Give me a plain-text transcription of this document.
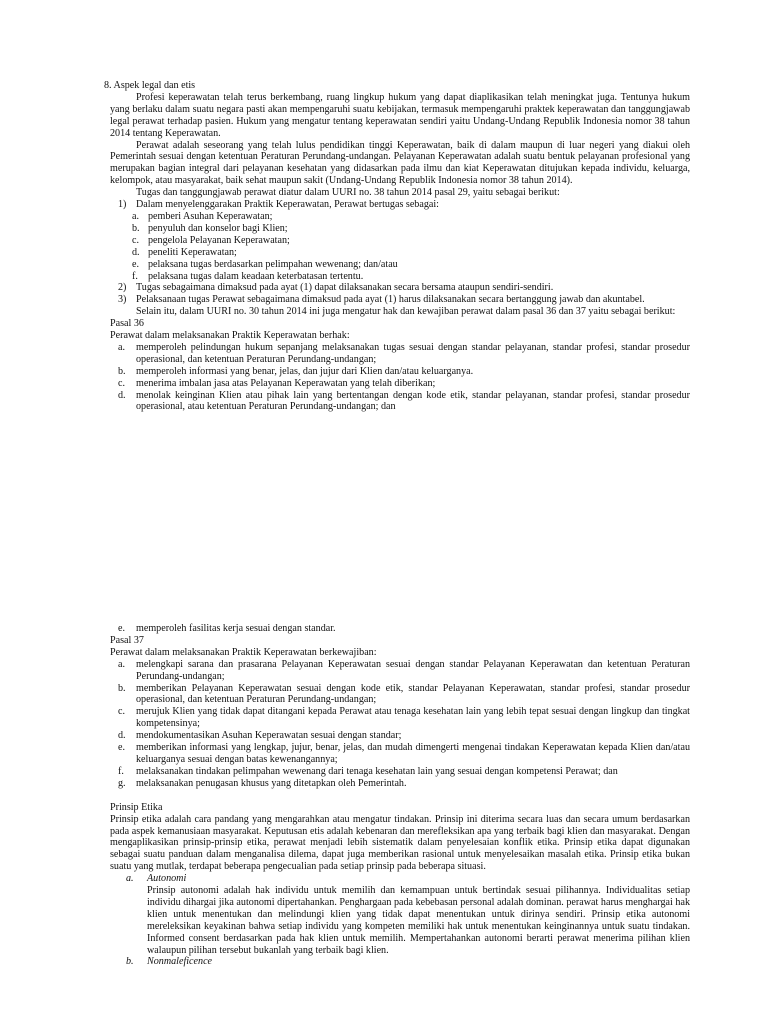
8. Aspek legal dan etis

Profesi keperawatan telah terus berkembang, ruang lingkup hukum yang dapat diaplikasikan telah meningkat juga. Tentunya hukum yang berlaku dalam suatu negara pasti akan mempengaruhi suatu kebijakan, termasuk mempengaruhi praktek keperawatan dan tanggungjawab legal perawat terhadap pasien. Hukum yang mengatur tentang keperawatan sendiri yaitu Undang-Undang Republik Indonesia nomor 38 tahun 2014 tentang Keperawatan.

Perawat adalah seseorang yang telah lulus pendidikan tinggi Keperawatan, baik di dalam maupun di luar negeri yang diakui oleh Pemerintah sesuai dengan ketentuan Peraturan Perundang-undangan. Pelayanan Keperawatan adalah suatu bentuk pelayanan profesional yang merupakan bagian integral dari pelayanan kesehatan yang didasarkan pada ilmu dan kiat Keperawatan ditujukan kepada individu, keluarga, kelompok, atau masyarakat, baik sehat maupun sakit (Undang-Undang Republik Indonesia nomor 38 tahun 2014).

Tugas dan tanggungjawab perawat diatur dalam UURI no. 38 tahun 2014 pasal 29, yaitu sebagai berikut:

1) Dalam menyelenggarakan Praktik Keperawatan, Perawat bertugas sebagai:
a. pemberi Asuhan Keperawatan;
b. penyuluh dan konselor bagi Klien;
c. pengelola Pelayanan Keperawatan;
d. peneliti Keperawatan;
e. pelaksana tugas berdasarkan pelimpahan wewenang; dan/atau
f. pelaksana tugas dalam keadaan keterbatasan tertentu.
2) Tugas sebagaimana dimaksud pada ayat (1) dapat dilaksanakan secara bersama ataupun sendiri-sendiri.
3) Pelaksanaan tugas Perawat sebagaimana dimaksud pada ayat (1) harus dilaksanakan secara bertanggung jawab dan akuntabel.

Selain itu, dalam UURI no. 30 tahun 2014 ini juga mengatur hak dan kewajiban perawat dalam pasal 36 dan 37 yaitu sebagai berikut:

Pasal 36

Perawat dalam melaksanakan Praktik Keperawatan berhak:

a. memperoleh pelindungan hukum sepanjang melaksanakan tugas sesuai dengan standar pelayanan, standar profesi, standar prosedur operasional, dan ketentuan Peraturan Perundang-undangan;
b. memperoleh informasi yang benar, jelas, dan jujur dari Klien dan/atau keluarganya.
c. menerima imbalan jasa atas Pelayanan Keperawatan yang telah diberikan;
d. menolak keinginan Klien atau pihak lain yang bertentangan dengan kode etik, standar pelayanan, standar profesi, standar prosedur operasional, atau ketentuan Peraturan Perundang-undangan; dan
e. memperoleh fasilitas kerja sesuai dengan standar.

Pasal 37

Perawat dalam melaksanakan Praktik Keperawatan berkewajiban:

a. melengkapi sarana dan prasarana Pelayanan Keperawatan sesuai dengan standar Pelayanan Keperawatan dan ketentuan Peraturan Perundang-undangan;
b. memberikan Pelayanan Keperawatan sesuai dengan kode etik, standar Pelayanan Keperawatan, standar profesi, standar prosedur operasional, dan ketentuan Peraturan Perundang-undangan;
c. merujuk Klien yang tidak dapat ditangani kepada Perawat atau tenaga kesehatan lain yang lebih tepat sesuai dengan lingkup dan tingkat kompetensinya;
d. mendokumentasikan Asuhan Keperawatan sesuai dengan standar;
e. memberikan informasi yang lengkap, jujur, benar, jelas, dan mudah dimengerti mengenai tindakan Keperawatan kepada Klien dan/atau keluarganya sesuai dengan batas kewenangannya;
f. melaksanakan tindakan pelimpahan wewenang dari tenaga kesehatan lain yang sesuai dengan kompetensi Perawat; dan
g. melaksanakan penugasan khusus yang ditetapkan oleh Pemerintah.

Prinsip Etika

Prinsip etika adalah cara pandang yang mengarahkan atau mengatur tindakan. Prinsip ini diterima secara luas dan secara umum berdasarkan pada aspek kemanusiaan masyarakat. Keputusan etis adalah kebenaran dan merefleksikan apa yang terbaik bagi klien dan masyarakat. Dengan mengaplikasikan prinsip-prinsip etika, perawat menjadi lebih sistematik dalam penyelesaian konflik etika. Prinsip etika dapat digunakan sebagai suatu panduan dalam menganalisa dilema, dapat juga memberikan rasional untuk menyelesaikan masalah etika. Prinsip etika bukan suatu yang mutlak, terdapat beberapa pengecualian pada setiap prinsip pada beberapa situasi.

a. Autonomi

Prinsip autonomi adalah hak individu untuk memilih dan kemampuan untuk bertindak sesuai pilihannya. Individualitas setiap individu dihargai jika autonomi dipertahankan. Penghargaan pada kebebasan personal adalah dominan. perawat harus menghargai hak klien untuk menentukan dan melindungi klien yang tidak dapat menentukan untuk dirinya sendiri. Prinsip etika autonomi mereleksikan keyakinan bahwa setiap individu yang kompeten memiliki hak untuk menentukan keinginannya untuk suatu tindakan. Informed consent berdasarkan pada hak klien untuk memilih. Mempertahankan autonomi berarti perawat menerima pilihan klien walaupun pilihan tersebut bukanlah yang terbaik bagi klien.

b. Nonmaleficence
